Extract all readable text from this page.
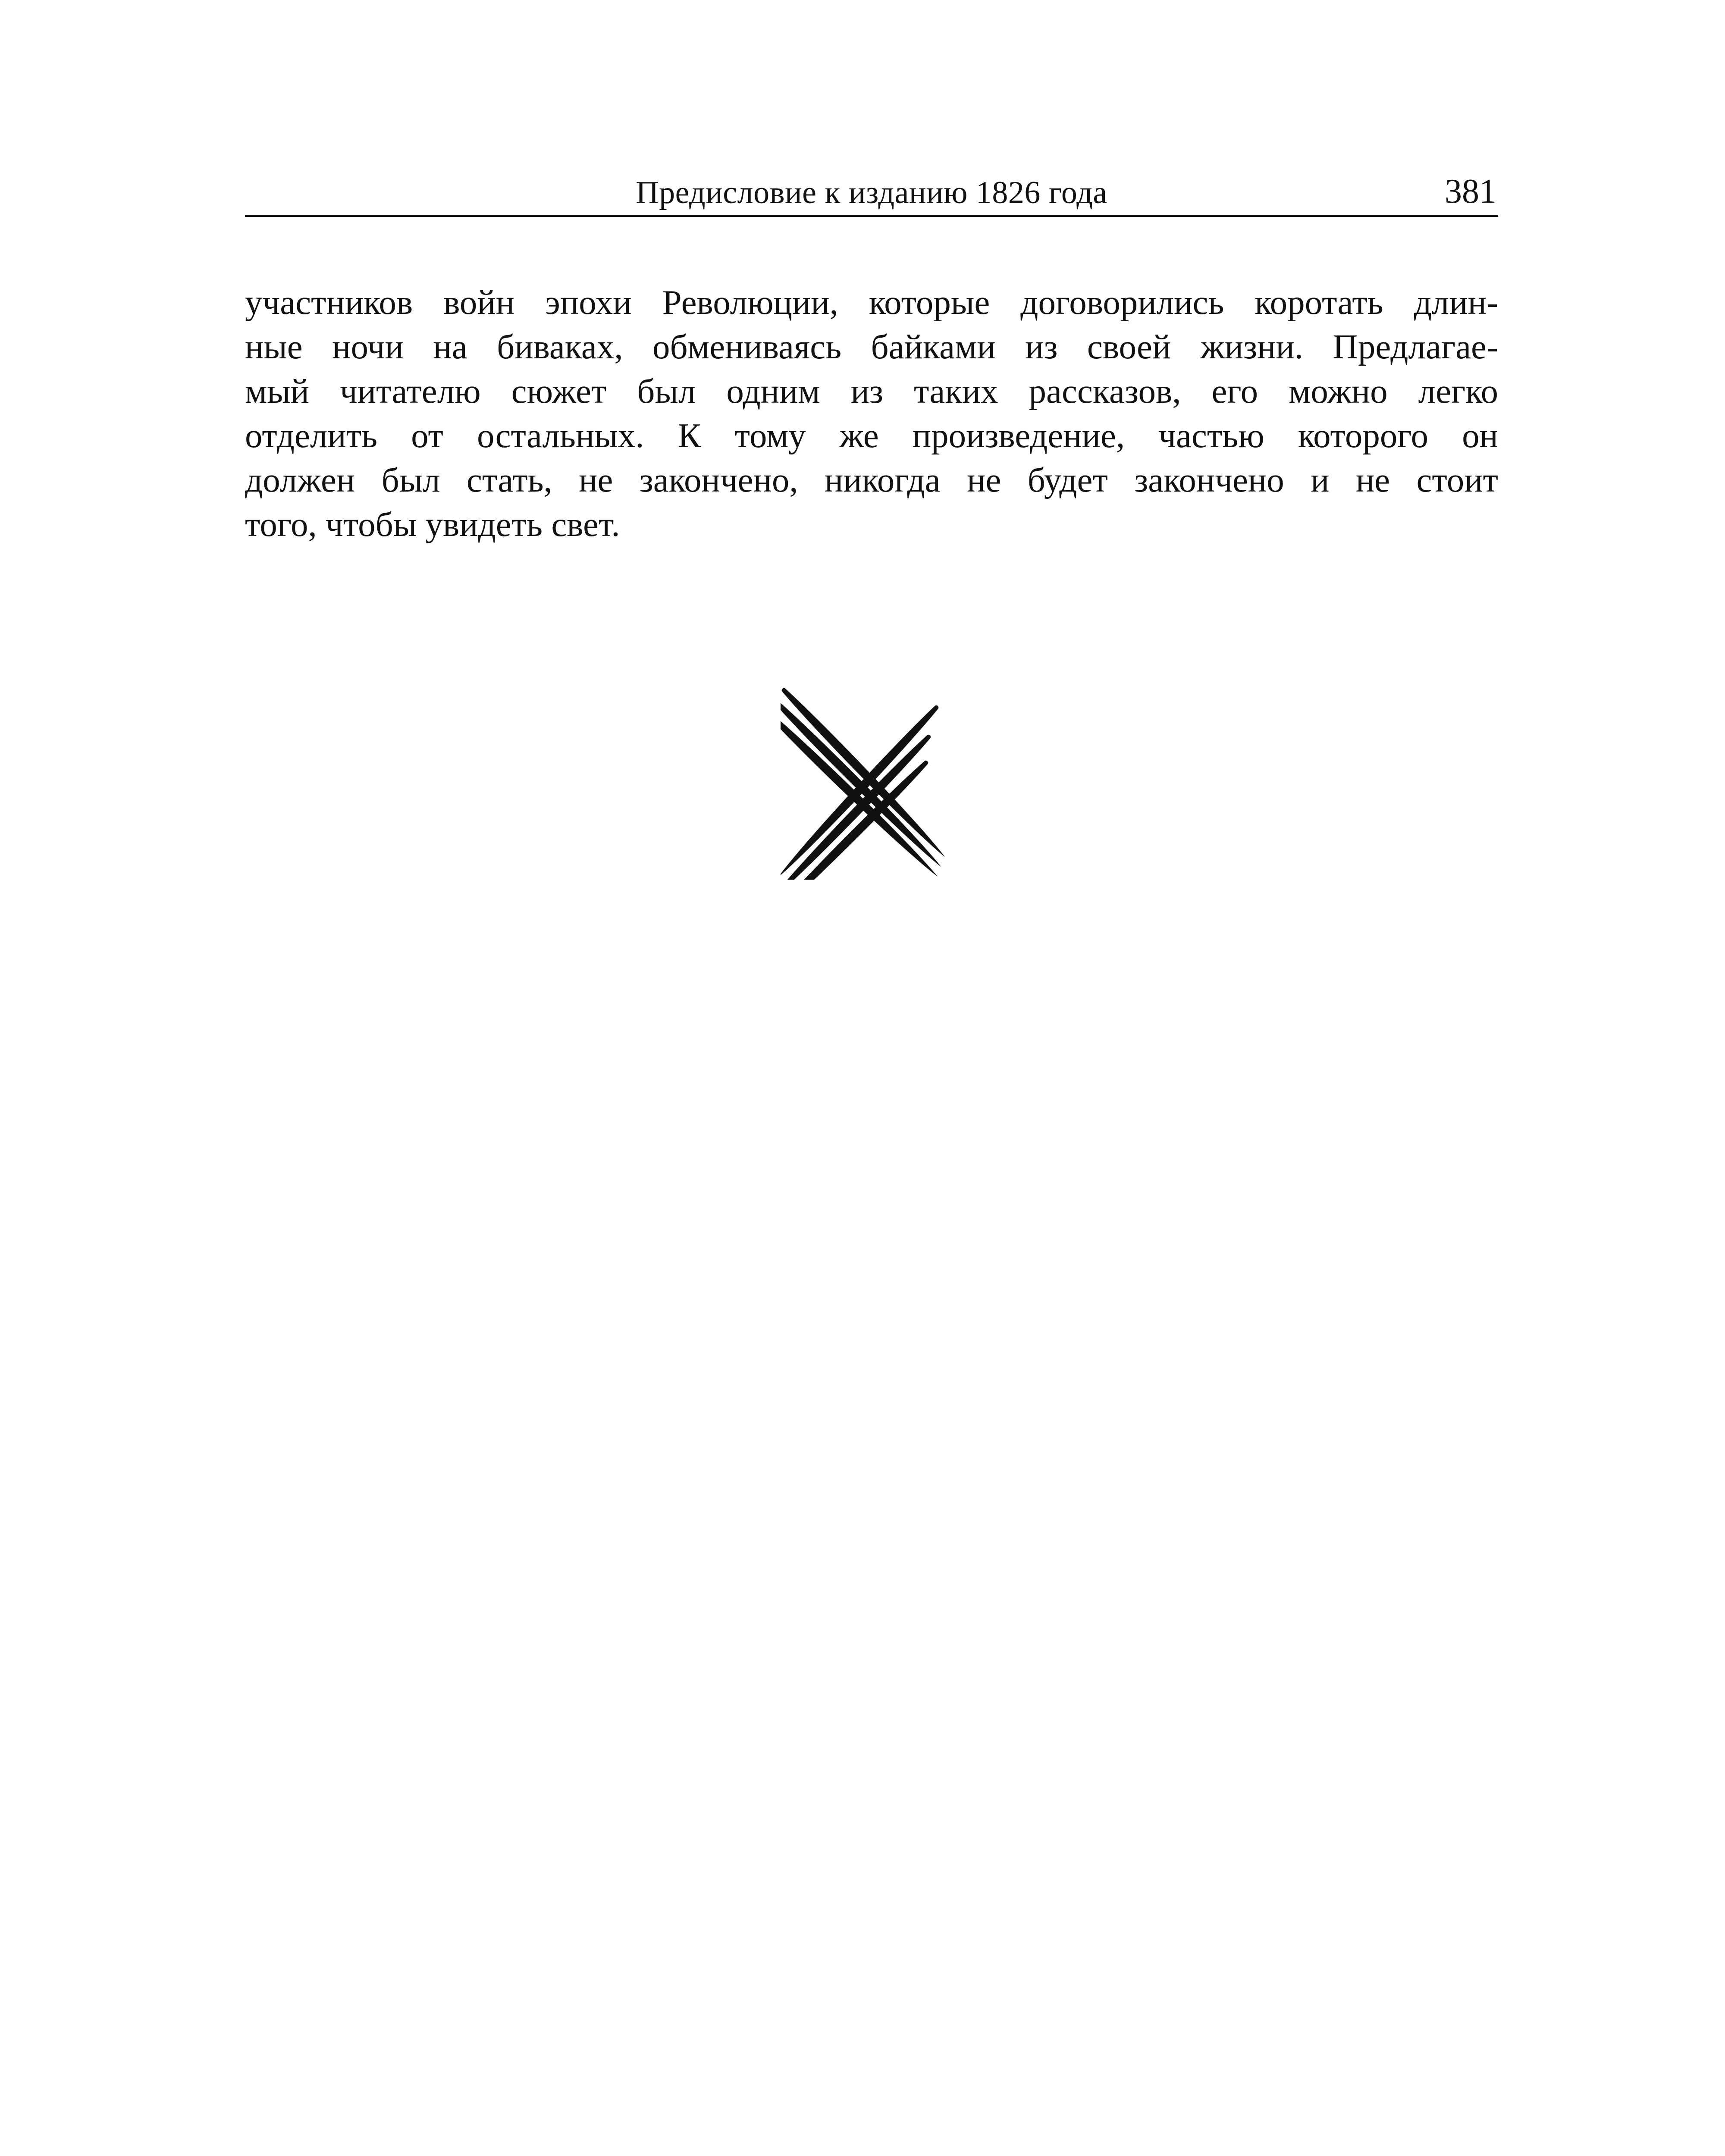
Предисловие к изданию 1826 года	381

участников войн эпохи Революции, которые договорились коротать длин-
ные ночи на биваках, обмениваясь байками из своей жизни. Предлагае-
мый читателю сюжет был одним из таких рассказов, его можно легко
отделить от остальных. К тому же произведение, частью которого он
должен был стать, не закончено, никогда не будет закончено и не стоит
того, чтобы увидеть свет.
